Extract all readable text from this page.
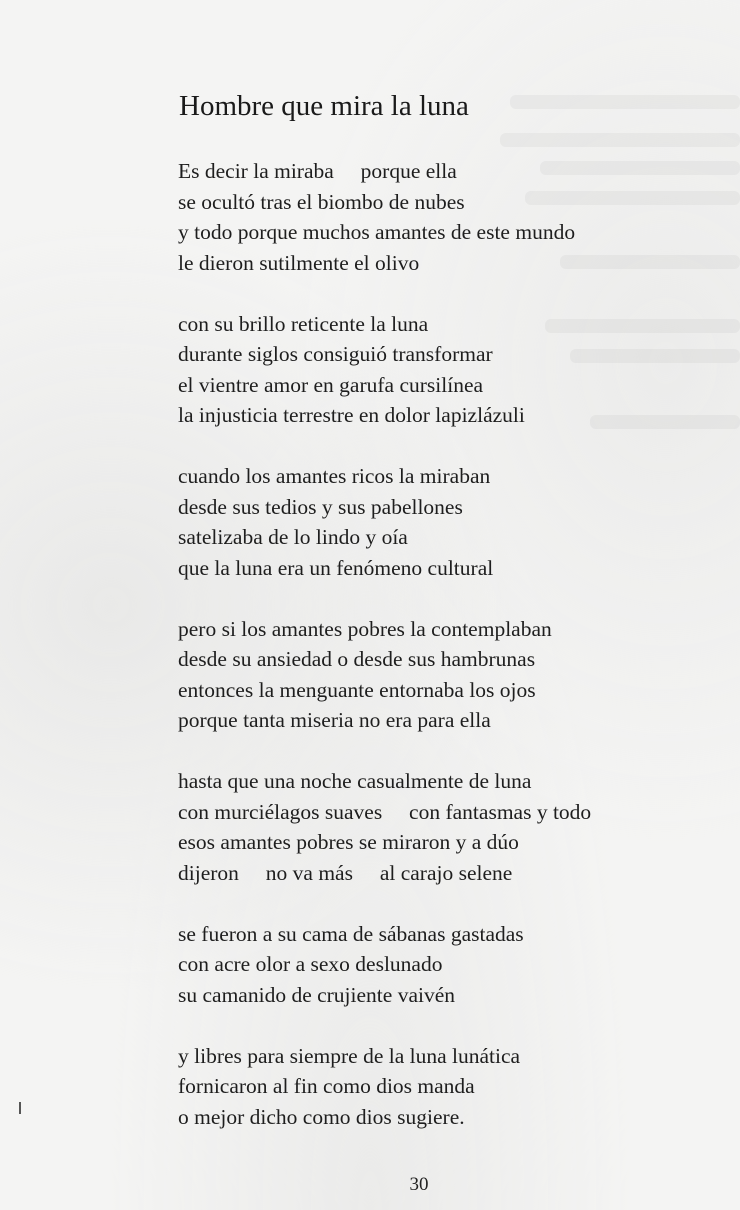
Hombre que mira la luna
Es decir la miraba     porque ella
se ocultó tras el biombo de nubes
y todo porque muchos amantes de este mundo
le dieron sutilmente el olivo
con su brillo reticente la luna
durante siglos consiguió transformar
el vientre amor en garufa cursilínea
la injusticia terrestre en dolor lapizlázuli
cuando los amantes ricos la miraban
desde sus tedios y sus pabellones
satelizaba de lo lindo y oía
que la luna era un fenómeno cultural
pero si los amantes pobres la contemplaban
desde su ansiedad o desde sus hambrunas
entonces la menguante entornaba los ojos
porque tanta miseria no era para ella
hasta que una noche casualmente de luna
con murciélagos suaves     con fantasmas y todo
esos amantes pobres se miraron y a dúo
dijeron     no va más     al carajo selene
se fueron a su cama de sábanas gastadas
con acre olor a sexo deslunado
su camanido de crujiente vaivén
y libres para siempre de la luna lunática
fornicaron al fin como dios manda
o mejor dicho como dios sugiere.
30
